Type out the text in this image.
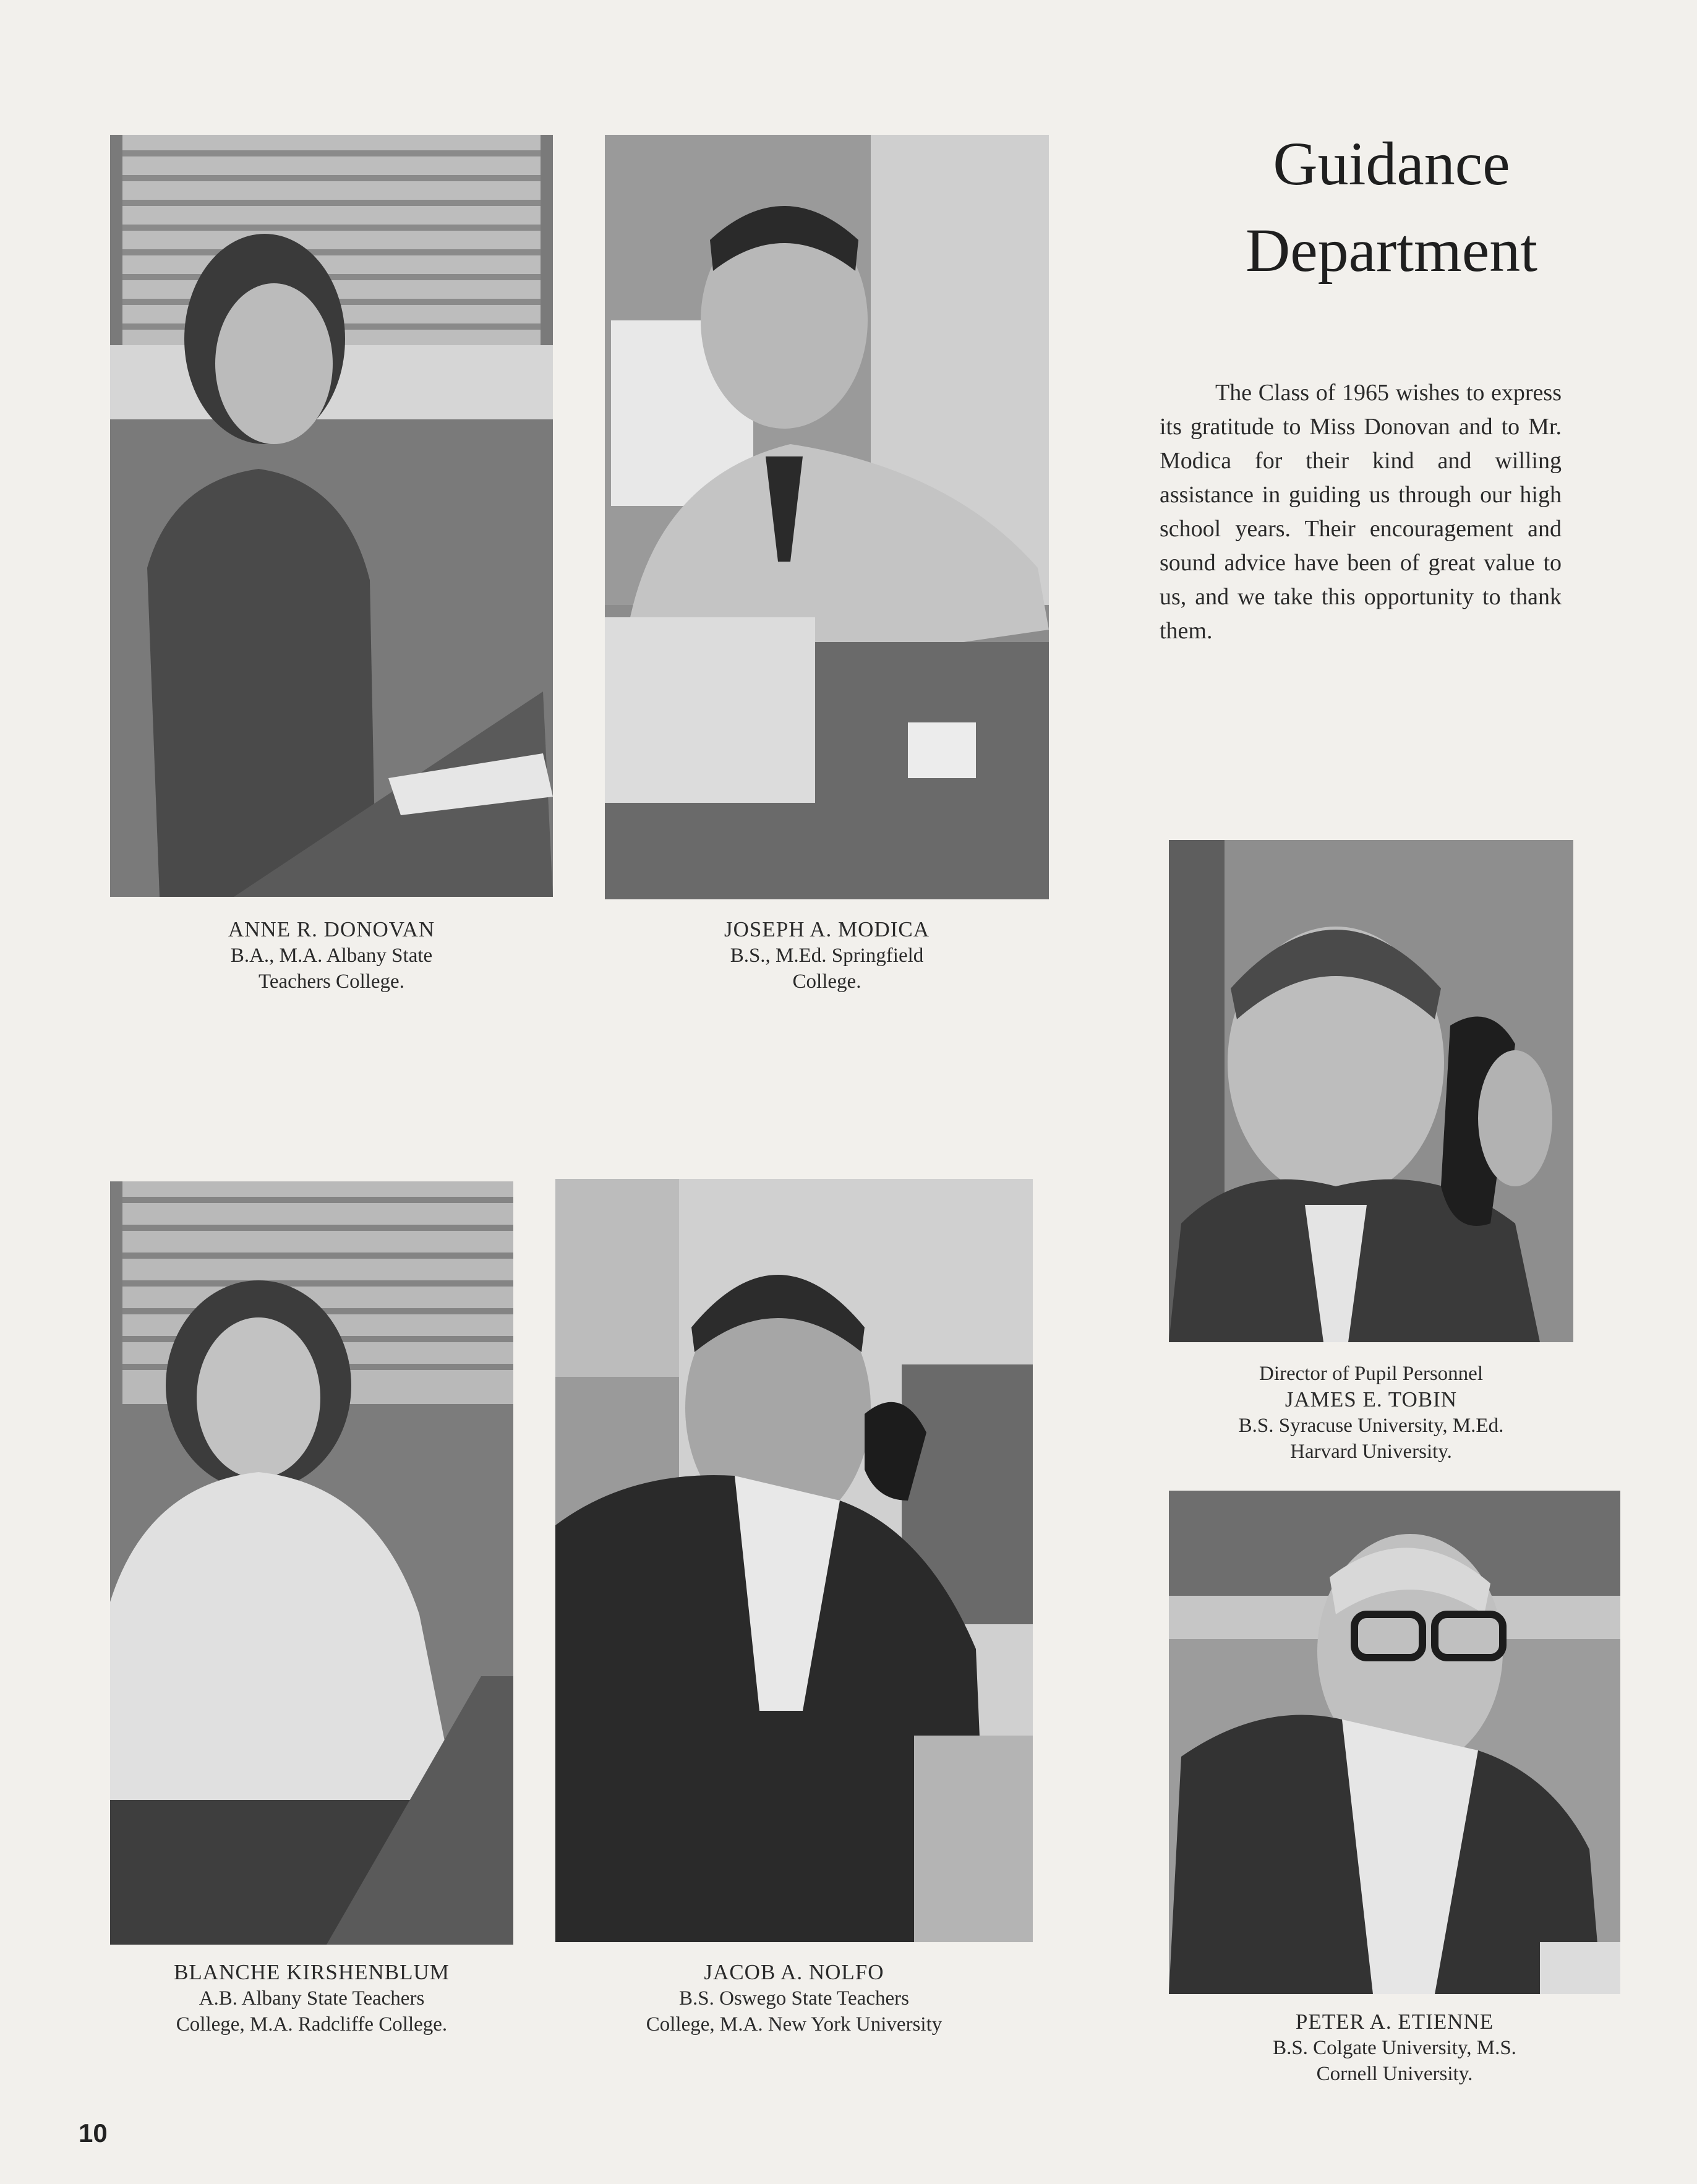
Guidance
Department
The Class of 1965 wishes to express its gratitude to Miss Donovan and to Mr. Modica for their kind and willing assistance in guiding us through our high school years. Their encouragement and sound advice have been of great value to us, and we take this opportunity to thank them.
ANNE R. DONOVAN
B.A., M.A. Albany State
Teachers College.
JOSEPH A. MODICA
B.S., M.Ed. Springfield
College.
Director of Pupil Personnel
JAMES E. TOBIN
B.S. Syracuse University, M.Ed.
Harvard University.
BLANCHE KIRSHENBLUM
A.B. Albany State Teachers
College, M.A. Radcliffe College.
JACOB A. NOLFO
B.S. Oswego State Teachers
College, M.A. New York University	PETER A. ETIENNE
B.S. Colgate University, M.S.
Cornell University.
10
